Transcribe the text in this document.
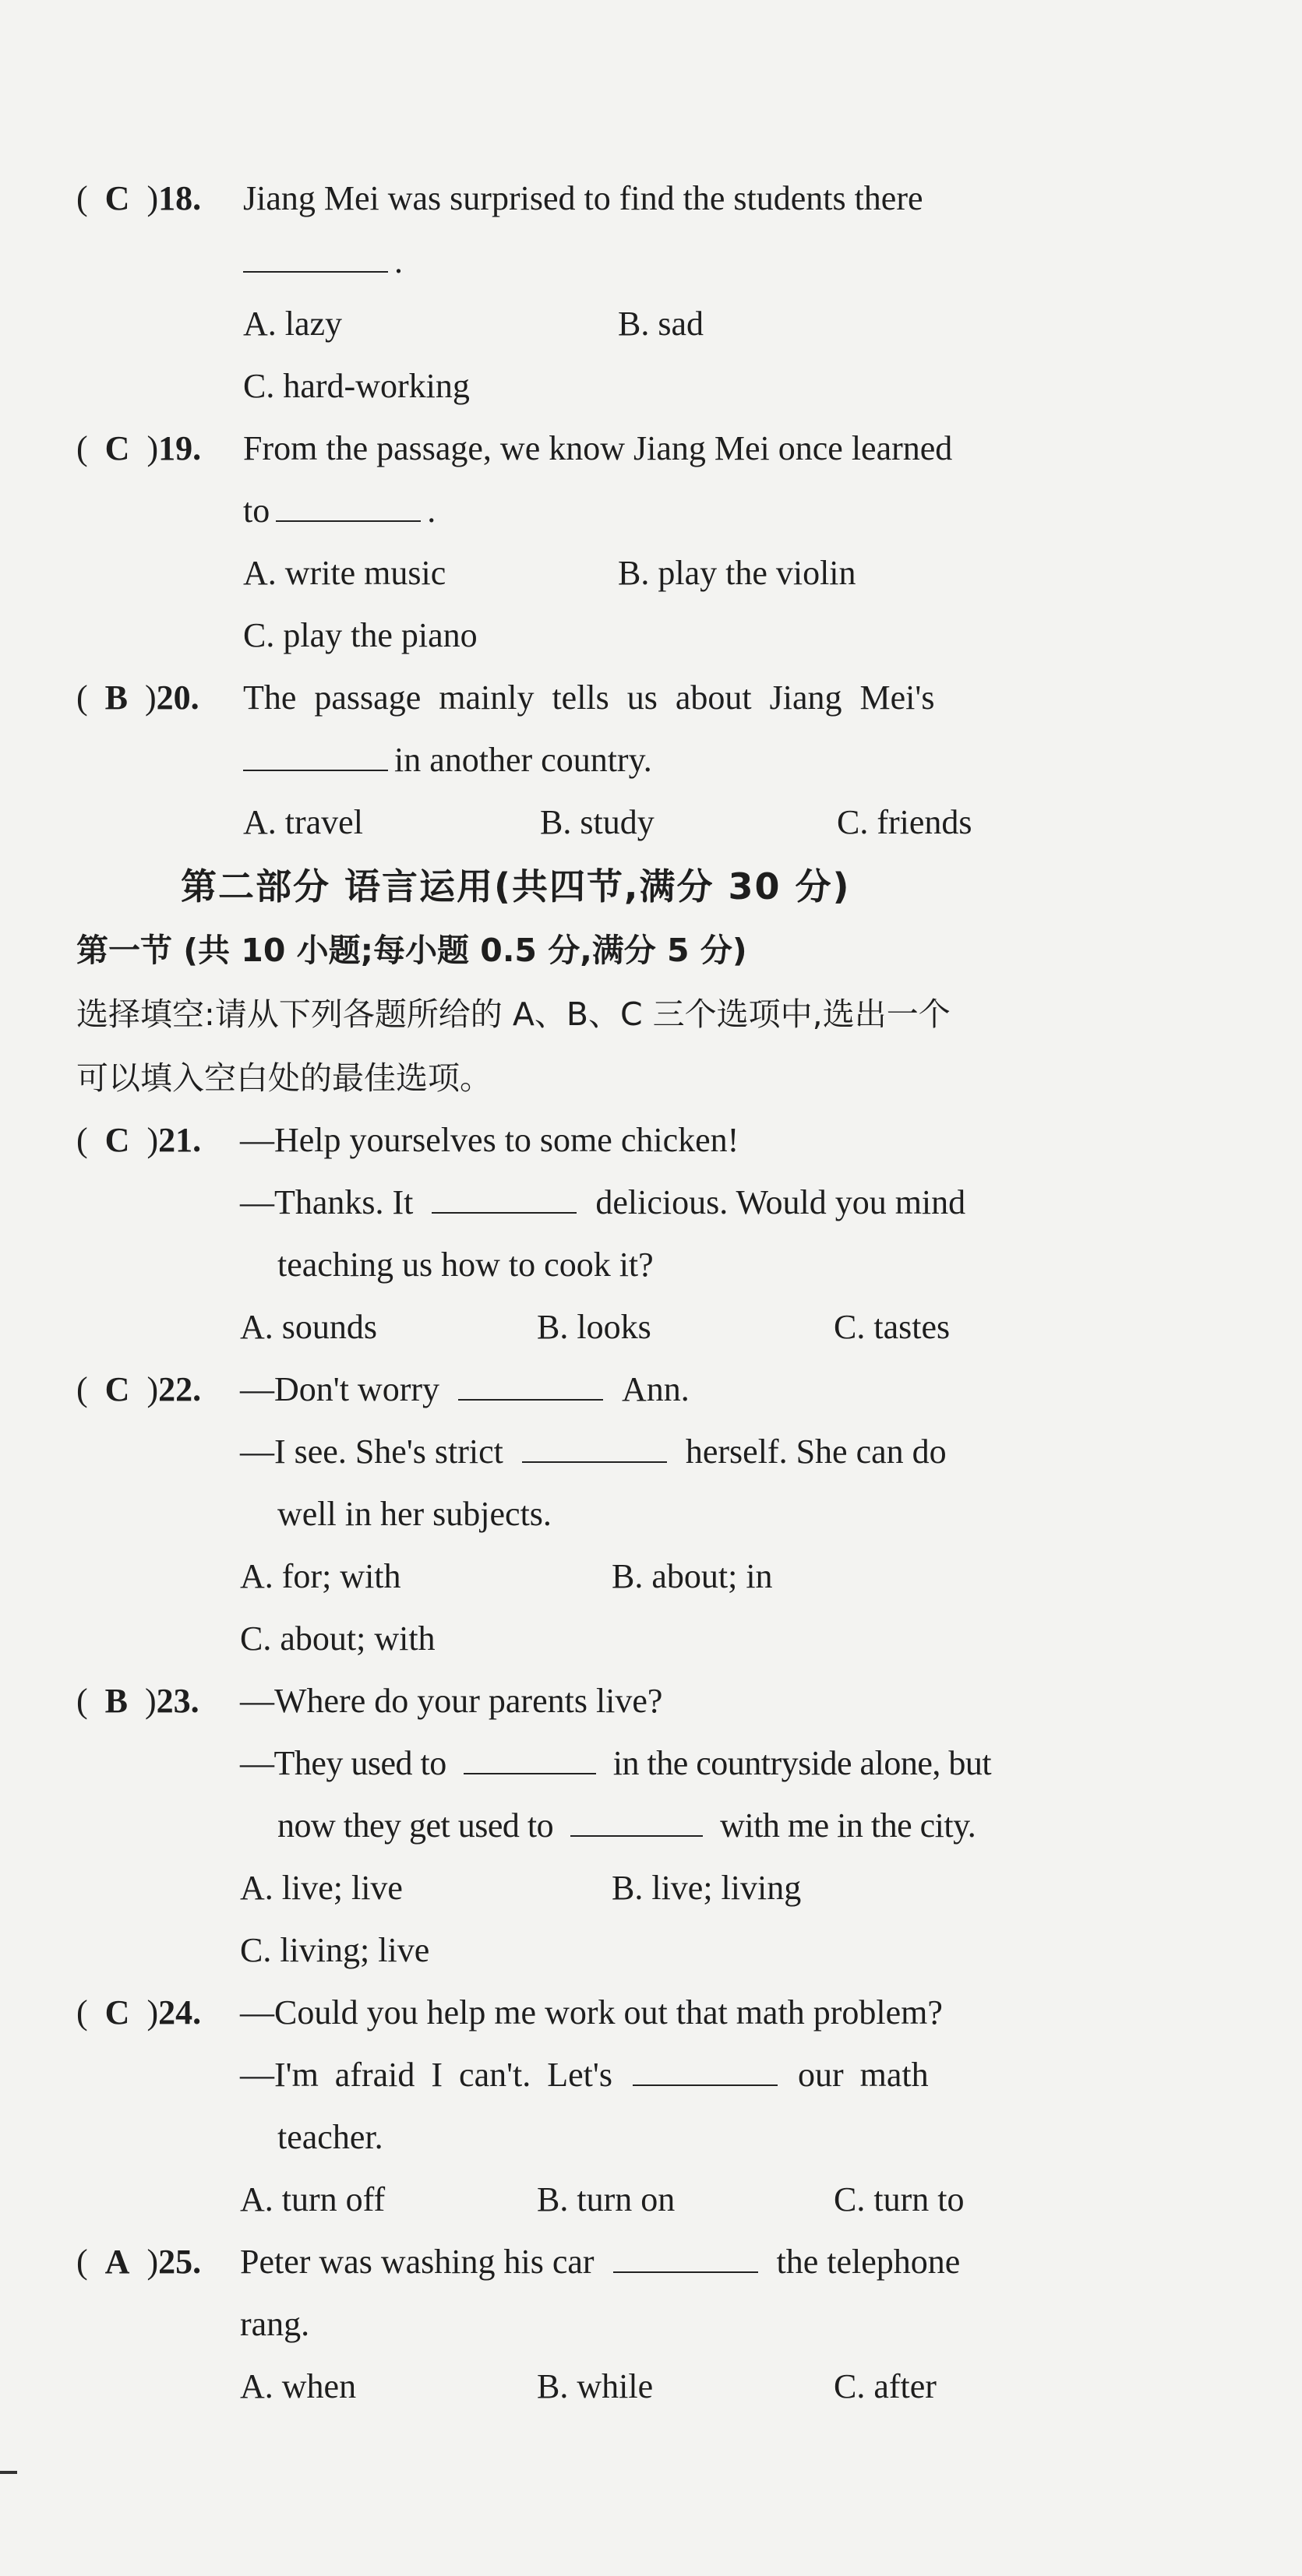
( C )18. Jiang Mei was surprised to find the students there
.
A. lazy	B. sad
C. hard-working
( C )19. From the passage, we know Jiang Mei once learned
to	.
A. write music	B. play the violin
C. play the piano
( B )20. The passage mainly tells us about Jiang Mei's
in another country.
A. travel	B. study	C. friends
第二部分 语言运用(共四节,满分 30 分)
第一节 (共 10 小题;每小题 0.5 分,满分 5 分)
选择填空:请从下列各题所给的 A、B、C 三个选项中,选出一个
可以填入空白处的最佳选项。
( C )21. —Help yourselves to some chicken!
—Thanks. It	delicious. Would you mind
teaching us how to cook it?
A. sounds	B. looks	C. tastes
( C )22. —Don't worry	Ann.
—I see. She's strict	herself. She can do
well in her subjects.
A. for; with	B. about; in
C. about; with
( B )23. —Where do your parents live?
—They used to	in the countryside alone, but
now they get used to	with me in the city.
A. live; live	B. live; living
C. living; live
( C )24. —Could you help me work out that math problem?
—I'm afraid I can't. Let's	our math
teacher.
A. turn off	B. turn on	C. turn to
( A )25. Peter was washing his car	the telephone
rang.
A. when	B. while	C. after
